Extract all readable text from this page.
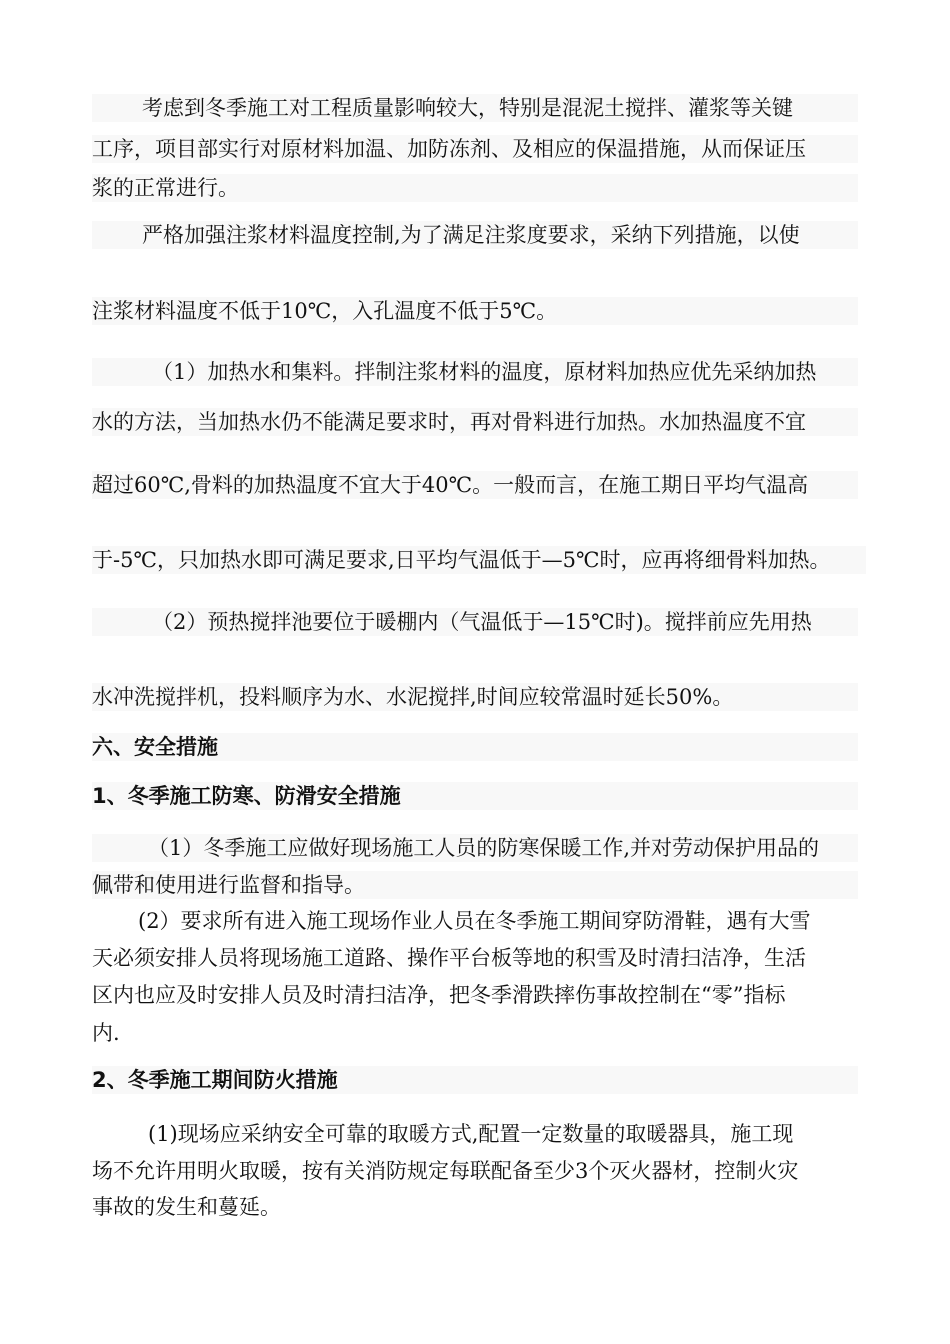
考虑到冬季施工对工程质量影响较大，特别是混泥土搅拌、灌浆等关键
工序，项目部实行对原材料加温、加防冻剂、及相应的保温措施，从而保证压
浆的正常进行。
严格加强注浆材料温度控制,为了满足注浆度要求，采纳下列措施，以使
注浆材料温度不低于10℃，入孔温度不低于5℃。
（1）加热水和集料。拌制注浆材料的温度，原材料加热应优先采纳加热
水的方法，当加热水仍不能满足要求时，再对骨料进行加热。水加热温度不宜
超过60℃,骨料的加热温度不宜大于40℃。一般而言，在施工期日平均气温高
于-5℃，只加热水即可满足要求,日平均气温低于—5℃时，应再将细骨料加热。
（2）预热搅拌池要位于暖棚内（气温低于—15℃时)。搅拌前应先用热
水冲洗搅拌机，投料顺序为水、水泥搅拌,时间应较常温时延长50%。
六、安全措施
1、冬季施工防寒、防滑安全措施
（1）冬季施工应做好现场施工人员的防寒保暖工作,并对劳动保护用品的
佩带和使用进行监督和指导。
(2）要求所有进入施工现场作业人员在冬季施工期间穿防滑鞋，遇有大雪
天必须安排人员将现场施工道路、操作平台板等地的积雪及时清扫洁净，生活
区内也应及时安排人员及时清扫洁净，把冬季滑跌摔伤事故控制在“零”指标
内.
2、冬季施工期间防火措施
(1)现场应采纳安全可靠的取暖方式,配置一定数量的取暖器具，施工现
场不允许用明火取暖，按有关消防规定每联配备至少3个灭火器材，控制火灾
事故的发生和蔓延。
